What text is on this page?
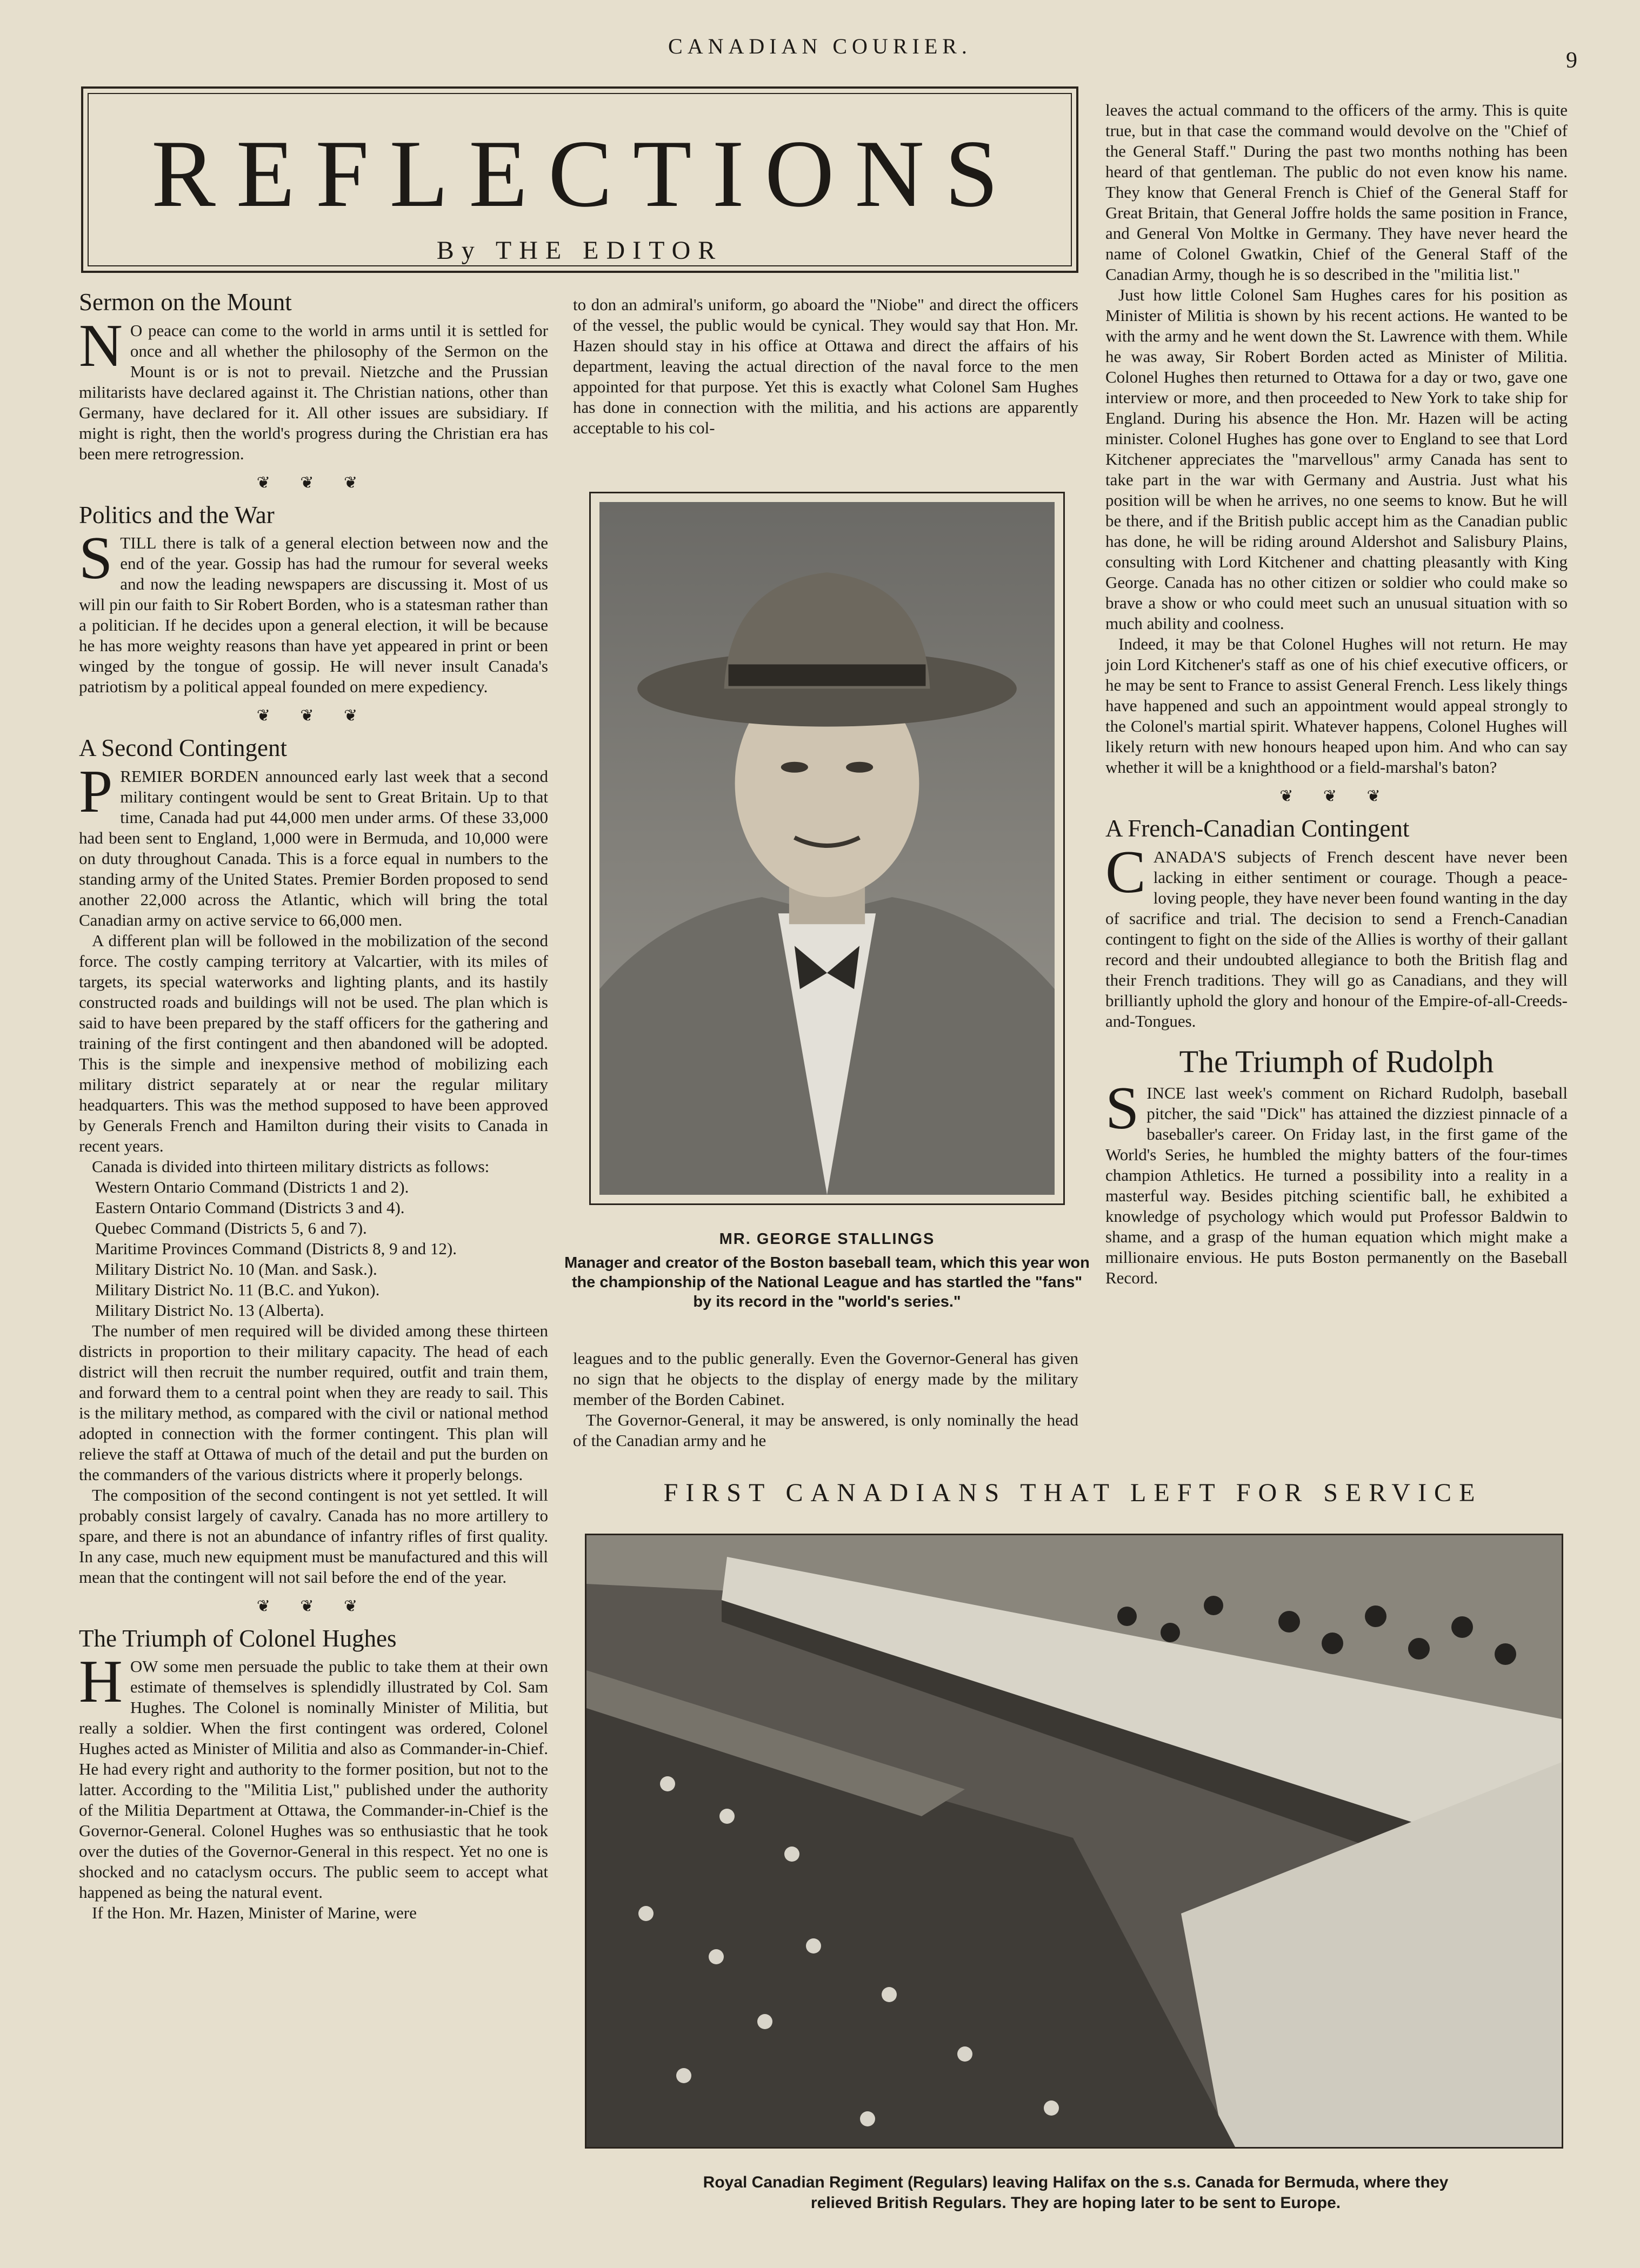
CANADIAN COURIER.
9
REFLECTIONS
By THE EDITOR
Sermon on the Mount

N O peace can come to the world in arms until it is settled for once and all whether the philosophy of the Sermon on the Mount is or is not to prevail. Nietzche and the Prussian militarists have declared against it. The Christian nations, other than Germany, have declared for it. All other issues are subsidiary. If might is right, then the world's progress during the Christian era has been mere retrogression.

❦ ❦ ❦
Politics and the War

STILL there is talk of a general election between now and the end of the year. Gossip has had the rumour for several weeks and now the leading newspapers are discussing it. Most of us will pin our faith to Sir Robert Borden, who is a statesman rather than a politician. If he decides upon a general election, it will be because he has more weighty reasons than have yet appeared in print or been winged by the tongue of gossip. He will never insult Canada's patriotism by a political appeal founded on mere expediency.

❦ ❦ ❦
A Second Contingent

PREMIER BORDEN announced early last week that a second military contingent would be sent to Great Britain. Up to that time, Canada had put 44,000 men under arms. Of these 33,000 had been sent to England, 1,000 were in Bermuda, and 10,000 were on duty throughout Canada. This is a force equal in numbers to the standing army of the United States. Premier Borden proposed to send another 22,000 across the Atlantic, which will bring the total Canadian army on active service to 66,000 men.

A different plan will be followed in the mobilization of the second force. The costly camping territory at Valcartier, with its miles of targets, its special waterworks and lighting plants, and its hastily constructed roads and buildings will not be used. The plan which is said to have been prepared by the staff officers for the gathering and training of the first contingent and then abandoned will be adopted. This is the simple and inexpensive method of mobilizing each military district separately at or near the regular military headquarters. This was the method supposed to have been approved by Generals French and Hamilton during their visits to Canada in recent years.

Canada is divided into thirteen military districts as follows:

Western Ontario Command (Districts 1 and 2).

Eastern Ontario Command (Districts 3 and 4).

Quebec Command (Districts 5, 6 and 7).

Maritime Provinces Command (Districts 8, 9 and 12).

Military District No. 10 (Man. and Sask.).

Military District No. 11 (B.C. and Yukon).

Military District No. 13 (Alberta).

The number of men required will be divided among these thirteen districts in proportion to their military capacity. The head of each district will then recruit the number required, outfit and train them, and forward them to a central point when they are ready to sail. This is the military method, as compared with the civil or national method adopted in connection with the former contingent. This plan will relieve the staff at Ottawa of much of the detail and put the burden on the commanders of the various districts where it properly belongs.

The composition of the second contingent is not yet settled. It will probably consist largely of cavalry. Canada has no more artillery to spare, and there is not an abundance of infantry rifles of first quality. In any case, much new equipment must be manufactured and this will mean that the contingent will not sail before the end of the year.

❦ ❦ ❦
The Triumph of Colonel Hughes

HOW some men persuade the public to take them at their own estimate of themselves is splendidly illustrated by Col. Sam Hughes. The Colonel is nominally Minister of Militia, but really a soldier. When the first contingent was ordered, Colonel Hughes acted as Minister of Militia and also as Commander-in-Chief. He had every right and authority to the former position, but not to the latter. According to the "Militia List," published under the authority of the Militia Department at Ottawa, the Commander-in-Chief is the Governor-General. Colonel Hughes was so enthusiastic that he took over the duties of the Governor-General in this respect. Yet no one is shocked and no cataclysm occurs. The public seem to accept what happened as being the natural event.

If the Hon. Mr. Hazen, Minister of Marine, were

to don an admiral's uniform, go aboard the "Niobe" and direct the officers of the vessel, the public would be cynical. They would say that Hon. Mr. Hazen should stay in his office at Ottawa and direct the affairs of his department, leaving the actual direction of the naval force to the men appointed for that purpose. Yet this is exactly what Colonel Sam Hughes has done in connection with the militia, and his actions are apparently acceptable to his col-

MR. GEORGE STALLINGS
Manager and creator of the Boston baseball team, which this year won the championship of the National League and has startled the "fans" by its record in the "world's series."

leagues and to the public generally. Even the Governor-General has given no sign that he objects to the display of energy made by the military member of the Borden Cabinet.

The Governor-General, it may be answered, is only nominally the head of the Canadian army and he

leaves the actual command to the officers of the army. This is quite true, but in that case the command would devolve on the "Chief of the General Staff." During the past two months nothing has been heard of that gentleman. The public do not even know his name. They know that General French is Chief of the General Staff for Great Britain, that General Joffre holds the same position in France, and General Von Moltke in Germany. They have never heard the name of Colonel Gwatkin, Chief of the General Staff of the Canadian Army, though he is so described in the "militia list."

Just how little Colonel Sam Hughes cares for his position as Minister of Militia is shown by his recent actions. He wanted to be with the army and he went down the St. Lawrence with them. While he was away, Sir Robert Borden acted as Minister of Militia. Colonel Hughes then returned to Ottawa for a day or two, gave one interview or more, and then proceeded to New York to take ship for England. During his absence the Hon. Mr. Hazen will be acting minister. Colonel Hughes has gone over to England to see that Lord Kitchener appreciates the "marvellous" army Canada has sent to take part in the war with Germany and Austria. Just what his position will be when he arrives, no one seems to know. But he will be there, and if the British public accept him as the Canadian public has done, he will be riding around Aldershot and Salisbury Plains, consulting with Lord Kitchener and chatting pleasantly with King George. Canada has no other citizen or soldier who could make so brave a show or who could meet such an unusual situation with so much ability and coolness.

Indeed, it may be that Colonel Hughes will not return. He may join Lord Kitchener's staff as one of his chief executive officers, or he may be sent to France to assist General French. Less likely things have happened and such an appointment would appeal strongly to the Colonel's martial spirit. Whatever happens, Colonel Hughes will likely return with new honours heaped upon him. And who can say whether it will be a knighthood or a field-marshal's baton?

❦ ❦ ❦
A French-Canadian Contingent

CANADA'S subjects of French descent have never been lacking in either sentiment or courage. Though a peace-loving people, they have never been found wanting in the day of sacrifice and trial. The decision to send a French-Canadian contingent to fight on the side of the Allies is worthy of their gallant record and their undoubted allegiance to both the British flag and their French traditions. They will go as Canadians, and they will brilliantly uphold the glory and honour of the Empire-of-all-Creeds-and-Tongues.

The Triumph of Rudolph

SINCE last week's comment on Richard Rudolph, baseball pitcher, the said "Dick" has attained the dizziest pinnacle of a baseballer's career. On Friday last, in the first game of the World's Series, he humbled the mighty batters of the four-times champion Athletics. He turned a possibility into a reality in a masterful way. Besides pitching scientific ball, he exhibited a knowledge of psychology which would put Professor Baldwin to shame, and a grasp of the human equation which might make a millionaire envious. He puts Boston permanently on the Baseball Record.

FIRST CANADIANS THAT LEFT FOR SERVICE
Royal Canadian Regiment (Regulars) leaving Halifax on the s.s. Canada for Bermuda, where they
relieved British Regulars. They are hoping later to be sent to Europe.
